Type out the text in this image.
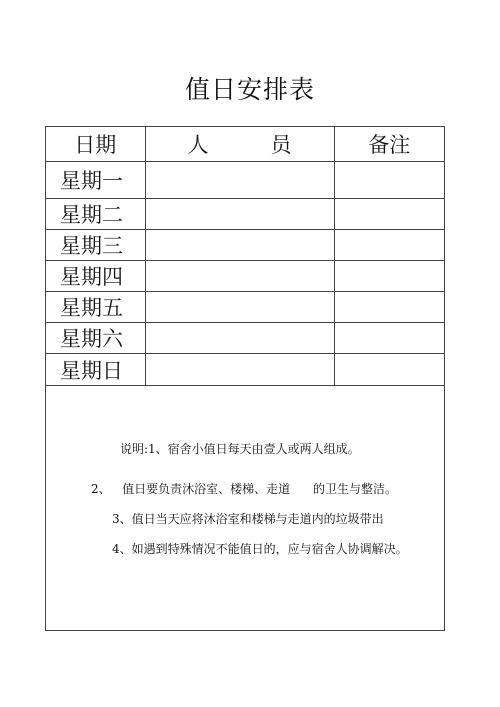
值日安排表
日期	人 员	备注
星期一		
星期二		
星期三		
星期四		
星期五		
星期六		
星期日		
说明:1、宿舍小值日每天由壹人或两人组成。
2、   值日要负责沐浴室、楼梯、走道      的卫生与整洁。
3、值日当天应将沐浴室和楼梯与走道内的垃圾带出
4、如遇到特殊情况不能值日的，应与宿舍人协调解决。
